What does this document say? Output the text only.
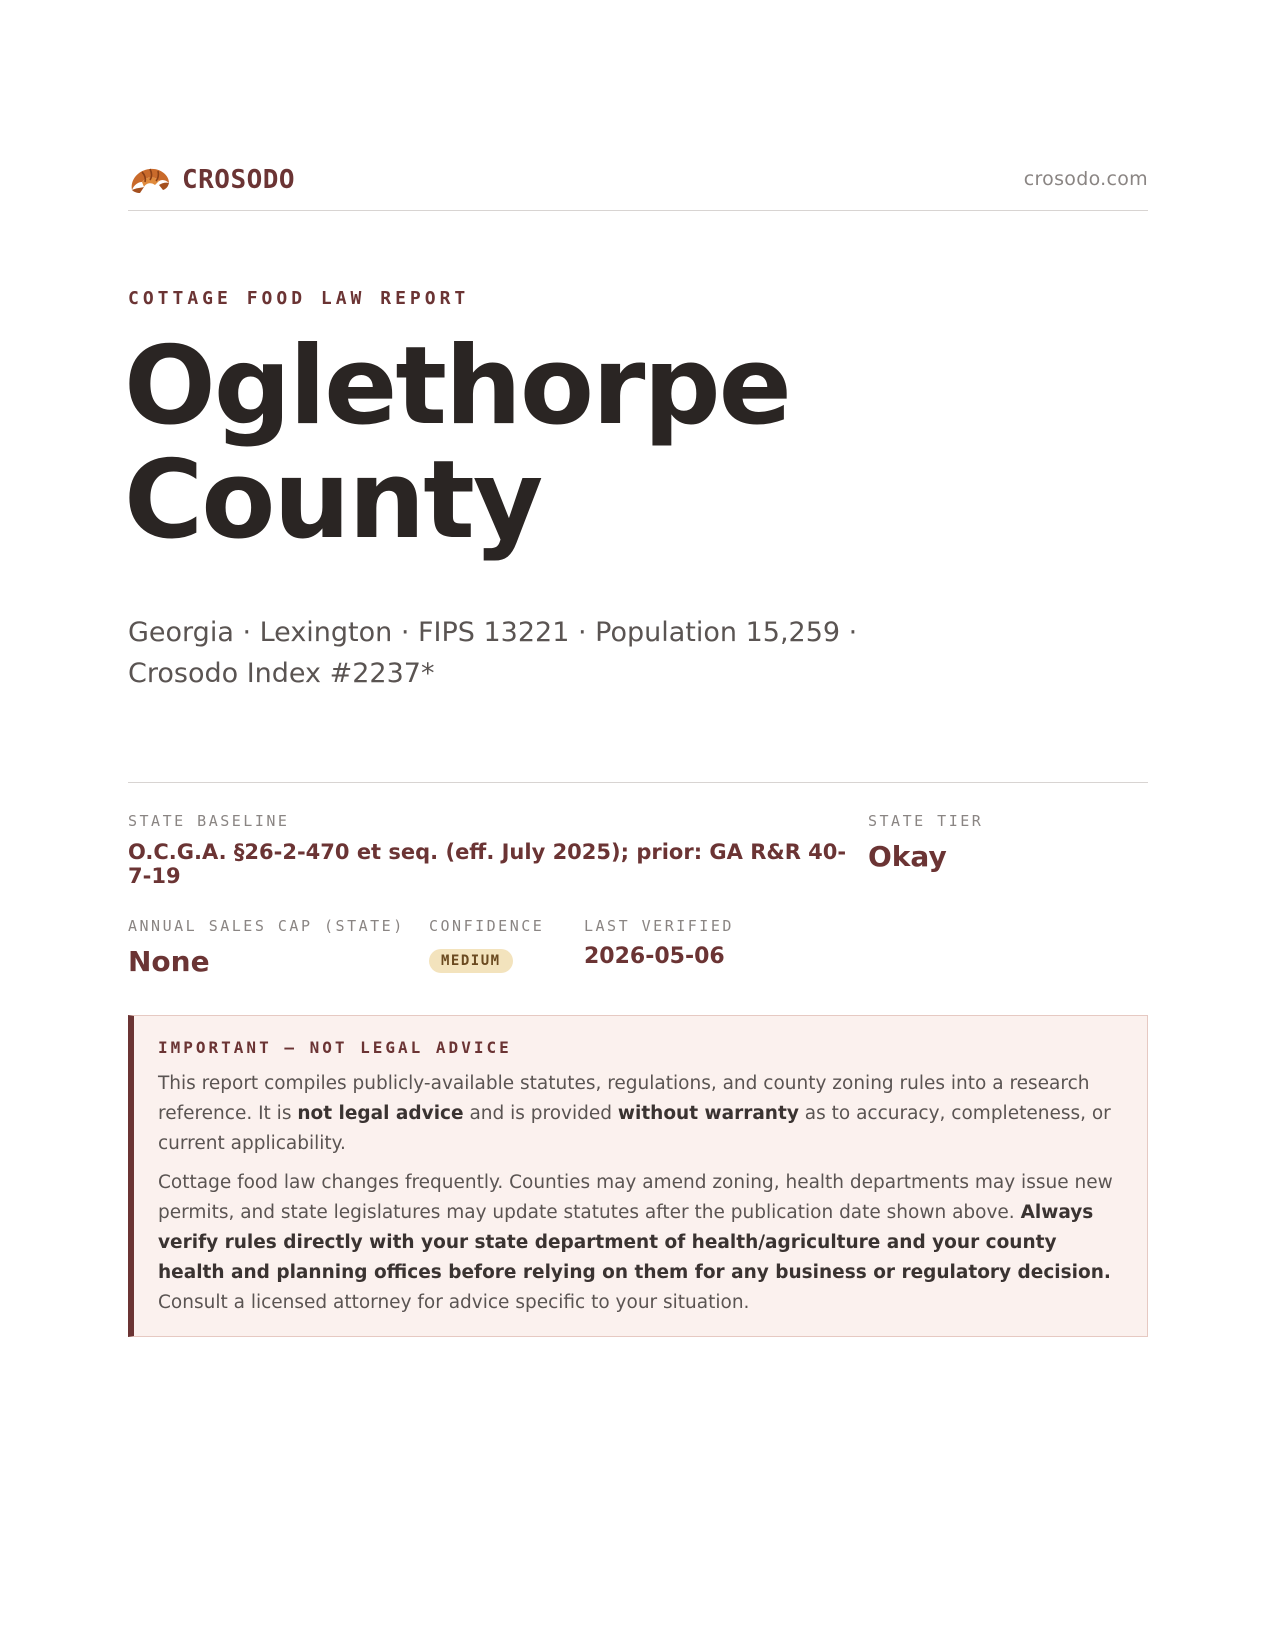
CROSODO	crosodo.com
COTTAGE FOOD LAW REPORT
Oglethorpe
County
Georgia · Lexington · FIPS 13221 · Population 15,259 · Crosodo Index #2237*
STATE BASELINE
O.C.G.A. §26-2-470 et seq. (eff. July 2025); prior: GA R&R 40-7-19
STATE TIER
Okay
ANNUAL SALES CAP (STATE)
None
CONFIDENCE
MEDIUM
LAST VERIFIED
2026-05-06
IMPORTANT — NOT LEGAL ADVICE

This report compiles publicly-available statutes, regulations, and county zoning rules into a research reference. It is not legal advice and is provided without warranty as to accuracy, completeness, or current applicability.

Cottage food law changes frequently. Counties may amend zoning, health departments may issue new permits, and state legislatures may update statutes after the publication date shown above. Always verify rules directly with your state department of health/agriculture and your county health and planning offices before relying on them for any business or regulatory decision. Consult a licensed attorney for advice specific to your situation.
